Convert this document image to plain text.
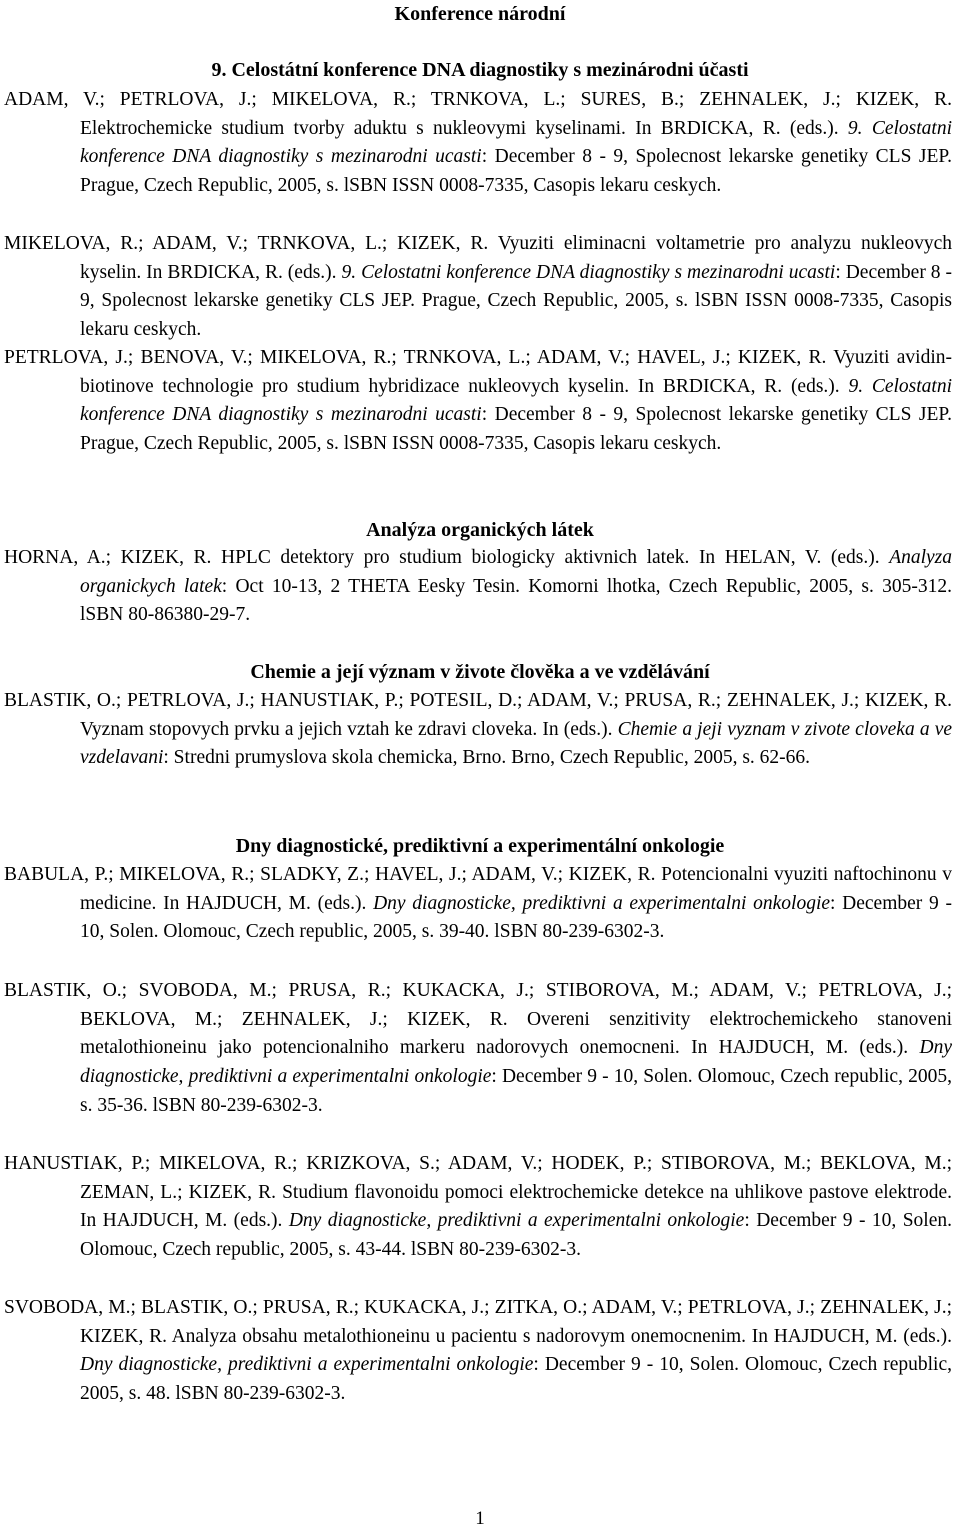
Konference národní
9. Celostátní konference DNA diagnostiky s mezinárodni účasti
ADAM, V.; PETRLOVA, J.; MIKELOVA, R.; TRNKOVA, L.; SURES, B.; ZEHNALEK, J.; KIZEK, R. Elektrochemicke studium tvorby aduktu s nukleovymi kyselinami. In BRDICKA, R. (eds.). 9. Celostatni konference DNA diagnostiky s mezinarodni ucasti: December 8 - 9, Spolecnost lekarske genetiky CLS JEP. Prague, Czech Republic, 2005, s. lSBN ISSN 0008-7335, Casopis lekaru ceskych.
MIKELOVA, R.; ADAM, V.; TRNKOVA, L.; KIZEK, R. Vyuziti eliminacni voltametrie pro analyzu nukleovych kyselin. In BRDICKA, R. (eds.). 9. Celostatni konference DNA diagnostiky s mezinarodni ucasti: December 8 - 9, Spolecnost lekarske genetiky CLS JEP. Prague, Czech Republic, 2005, s. lSBN ISSN 0008-7335, Casopis lekaru ceskych.
PETRLOVA, J.; BENOVA, V.; MIKELOVA, R.; TRNKOVA, L.; ADAM, V.; HAVEL, J.; KIZEK, R. Vyuziti avidin-biotinove technologie pro studium hybridizace nukleovych kyselin. In BRDICKA, R. (eds.). 9. Celostatni konference DNA diagnostiky s mezinarodni ucasti: December 8 - 9, Spolecnost lekarske genetiky CLS JEP. Prague, Czech Republic, 2005, s. lSBN ISSN 0008-7335, Casopis lekaru ceskych.
Analýza organických látek
HORNA, A.; KIZEK, R. HPLC detektory pro studium biologicky aktivnich latek. In HELAN, V. (eds.). Analyza organickych latek: Oct 10-13, 2 THETA Eesky Tesin. Komorni lhotka, Czech Republic, 2005, s. 305-312. lSBN 80-86380-29-7.
Chemie a její význam v živote člověka a ve vzdělávání
BLASTIK, O.; PETRLOVA, J.; HANUSTIAK, P.; POTESIL, D.; ADAM, V.; PRUSA, R.; ZEHNALEK, J.; KIZEK, R. Vyznam stopovych prvku a jejich vztah ke zdravi cloveka. In (eds.). Chemie a jeji vyznam v zivote cloveka a ve vzdelavani: Stredni prumyslova skola chemicka, Brno. Brno, Czech Republic, 2005, s. 62-66.
Dny diagnostické, prediktivní a experimentální onkologie
BABULA, P.; MIKELOVA, R.; SLADKY, Z.; HAVEL, J.; ADAM, V.; KIZEK, R. Potencionalni vyuziti naftochinonu v medicine. In HAJDUCH, M. (eds.). Dny diagnosticke, prediktivni a experimentalni onkologie: December 9 - 10, Solen. Olomouc, Czech republic, 2005, s. 39-40. lSBN 80-239-6302-3.
BLASTIK, O.; SVOBODA, M.; PRUSA, R.; KUKACKA, J.; STIBOROVA, M.; ADAM, V.; PETRLOVA, J.; BEKLOVA, M.; ZEHNALEK, J.; KIZEK, R. Overeni senzitivity elektrochemickeho stanoveni metalothioneinu jako potencionalniho markeru nadorovych onemocneni. In HAJDUCH, M. (eds.). Dny diagnosticke, prediktivni a experimentalni onkologie: December 9 - 10, Solen. Olomouc, Czech republic, 2005, s. 35-36. lSBN 80-239-6302-3.
HANUSTIAK, P.; MIKELOVA, R.; KRIZKOVA, S.; ADAM, V.; HODEK, P.; STIBOROVA, M.; BEKLOVA, M.; ZEMAN, L.; KIZEK, R. Studium flavonoidu pomoci elektrochemicke detekce na uhlikove pastove elektrode. In HAJDUCH, M. (eds.). Dny diagnosticke, prediktivni a experimentalni onkologie: December 9 - 10, Solen. Olomouc, Czech republic, 2005, s. 43-44. lSBN 80-239-6302-3.
SVOBODA, M.; BLASTIK, O.; PRUSA, R.; KUKACKA, J.; ZITKA, O.; ADAM, V.; PETRLOVA, J.; ZEHNALEK, J.; KIZEK, R. Analyza obsahu metalothioneinu u pacientu s nadorovym onemocnenim. In HAJDUCH, M. (eds.). Dny diagnosticke, prediktivni a experimentalni onkologie: December 9 - 10, Solen. Olomouc, Czech republic, 2005, s. 48. lSBN 80-239-6302-3.
1
